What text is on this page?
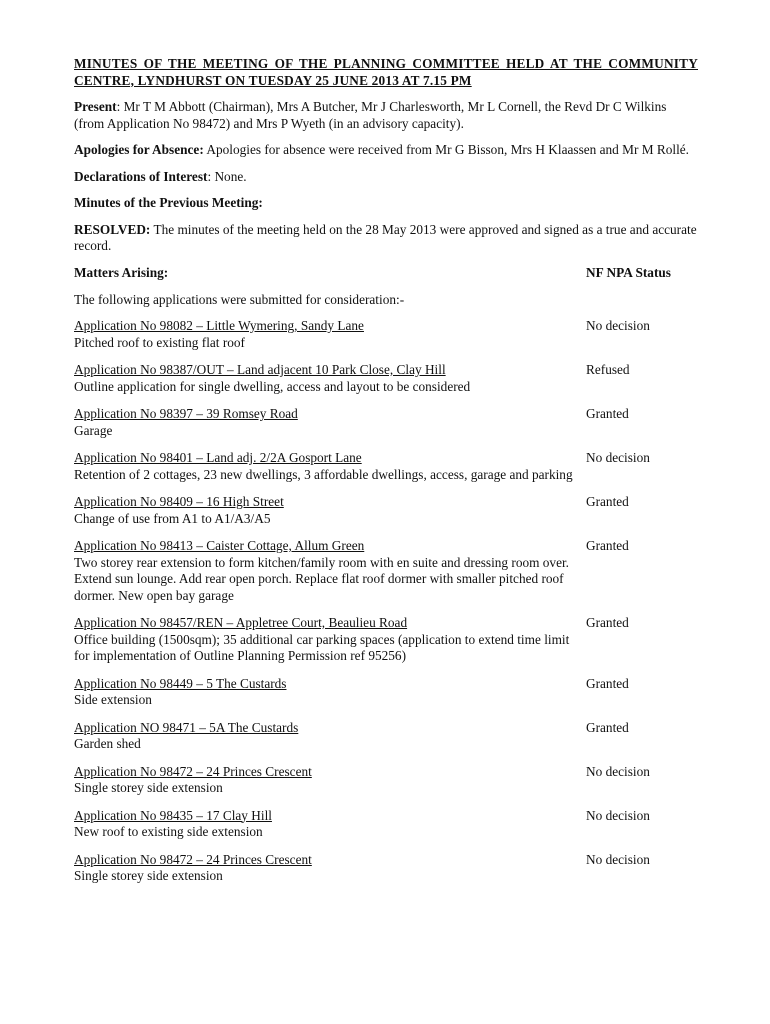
MINUTES OF THE MEETING OF THE PLANNING COMMITTEE HELD AT THE COMMUNITY CENTRE, LYNDHURST ON TUESDAY 25 JUNE 2013 AT 7.15 PM
Present: Mr T M Abbott (Chairman), Mrs A Butcher, Mr J Charlesworth, Mr L Cornell, the Revd Dr C Wilkins (from Application No 98472) and Mrs P Wyeth (in an advisory capacity).
Apologies for Absence: Apologies for absence were received from Mr G Bisson, Mrs H Klaassen and Mr M Rollé.
Declarations of Interest: None.
Minutes of the Previous Meeting:
RESOLVED: The minutes of the meeting held on the 28 May 2013 were approved and signed as a true and accurate record.
Matters Arising:	NF NPA Status
The following applications were submitted for consideration:-
Application No 98082 – Little Wymering, Sandy Lane
Pitched roof to existing flat roof
No decision
Application No 98387/OUT – Land adjacent 10 Park Close, Clay Hill
Outline application for single dwelling, access and layout to be considered
Refused
Application No 98397 – 39 Romsey Road
Garage
Granted
Application No 98401 – Land adj. 2/2A Gosport Lane
Retention of 2 cottages, 23 new dwellings, 3 affordable dwellings, access, garage and parking
No decision
Application No 98409 – 16 High Street
Change of use from A1 to A1/A3/A5
Granted
Application No 98413 – Caister Cottage, Allum Green
Two storey rear extension to form kitchen/family room with en suite and dressing room over. Extend sun lounge. Add rear open porch. Replace flat roof dormer with smaller pitched roof dormer. New open bay garage
Granted
Application No 98457/REN – Appletree Court, Beaulieu Road
Office building (1500sqm); 35 additional car parking spaces (application to extend time limit for implementation of Outline Planning Permission ref 95256)
Granted
Application No 98449 – 5 The Custards
Side extension
Granted
Application NO 98471 – 5A The Custards
Garden shed
Granted
Application No 98472 – 24 Princes Crescent
Single storey side extension
No decision
Application No 98435 – 17 Clay Hill
New roof to existing side extension
No decision
Application No 98472 – 24 Princes Crescent
Single storey side extension
No decision
